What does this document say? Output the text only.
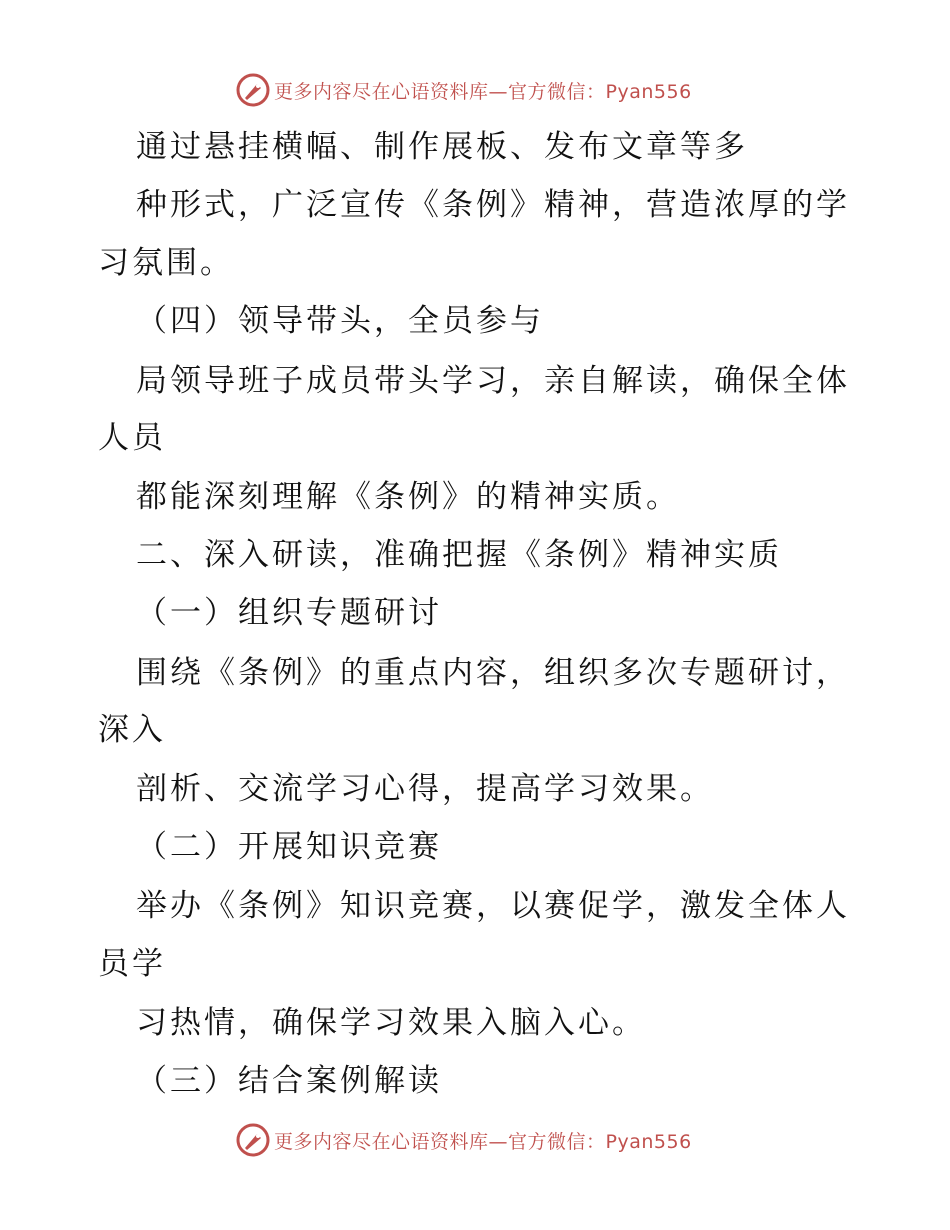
更多内容尽在心语资料库—官方微信：Pyan556
通过悬挂横幅、制作展板、发布文章等多
种形式，广泛宣传《条例》精神，营造浓厚的学
习氛围。
（四）领导带头，全员参与
局领导班子成员带头学习，亲自解读，确保全体
人员
都能深刻理解《条例》的精神实质。
二、深入研读，准确把握《条例》精神实质
（一）组织专题研讨
围绕《条例》的重点内容，组织多次专题研讨，
深入
剖析、交流学习心得，提高学习效果。
（二）开展知识竞赛
举办《条例》知识竞赛，以赛促学，激发全体人
员学
习热情，确保学习效果入脑入心。
（三）结合案例解读
更多内容尽在心语资料库—官方微信：Pyan556
